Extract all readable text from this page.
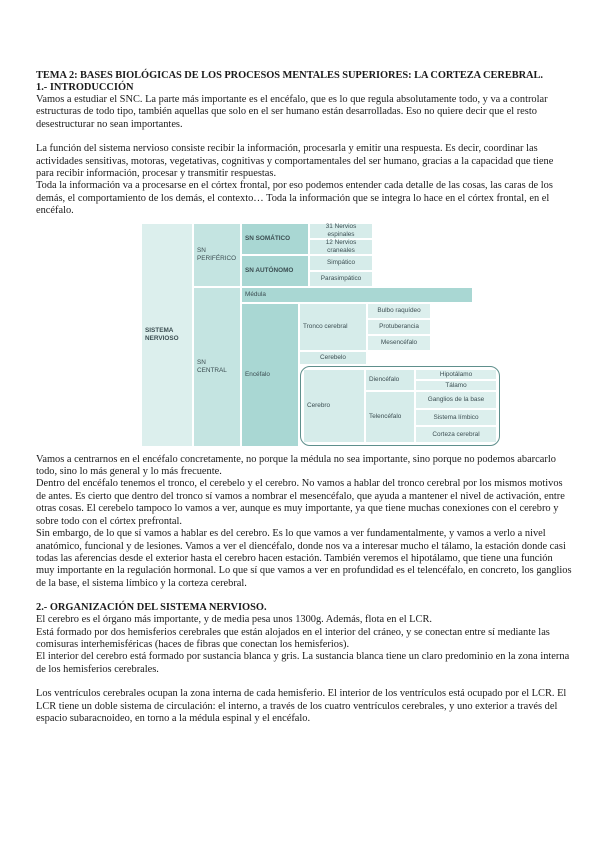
TEMA 2: BASES BIOLÓGICAS DE LOS PROCESOS MENTALES SUPERIORES: LA CORTEZA CEREBRAL.

1.- INTRODUCCIÓN

Vamos a estudiar el SNC. La parte más importante es el encéfalo, que es lo que regula absolutamente todo, y va a controlar estructuras de todo tipo, también aquellas que solo en el ser humano están desarrolladas. Eso no quiere decir que el resto desestructurar no sean importantes.

La función del sistema nervioso consiste recibir la información, procesarla y emitir una respuesta. Es decir, coordinar las actividades sensitivas, motoras, vegetativas, cognitivas y comportamentales del ser humano, gracias a la capacidad que tiene para recibir información, procesar y transmitir respuestas.

Toda la información va a procesarse en el córtex frontal, por eso podemos entender cada detalle de las cosas, las caras de los demás, el comportamiento de los demás, el contexto… Toda la información que se integra lo hace en el córtex frontal, en el encéfalo.

SISTEMA NERVIOSO
SN PERIFÉRICO
SN CENTRAL
SN SOMÁTICO
SN AUTÓNOMO
31 Nervios espinales
12 Nervios craneales
Simpático
Parasimpático
Médula
Encéfalo
Tronco cerebral
Bulbo raquídeo
Protuberancia
Mesencéfalo
Cerebelo
Cerebro
Diencéfalo
Hipotálamo
Tálamo
Telencéfalo
Ganglios de la base
Sistema límbico
Corteza cerebral

Vamos a centrarnos en el encéfalo concretamente, no porque la médula no sea importante, sino porque no podemos abarcarlo todo, sino lo más general y lo más frecuente.

Dentro del encéfalo tenemos el tronco, el cerebelo y el cerebro. No vamos a hablar del tronco cerebral por los mismos motivos de antes. Es cierto que dentro del tronco sí vamos a nombrar el mesencéfalo, que ayuda a mantener el nivel de activación, entre otras cosas. El cerebelo tampoco lo vamos a ver, aunque es muy importante, ya que tiene muchas conexiones con el cerebro y sobre todo con el córtex prefrontal.

Sin embargo, de lo que sí vamos a hablar es del cerebro. Es lo que vamos a ver fundamentalmente, y vamos a verlo a nivel anatómico, funcional y de lesiones. Vamos a ver el diencéfalo, donde nos va a interesar mucho el tálamo, la estación donde casi todas las aferencias desde el exterior hasta el cerebro hacen estación. También veremos el hipotálamo, que tiene una función muy importante en la regulación hormonal. Lo que sí que vamos a ver en profundidad es el telencéfalo, en concreto, los ganglios de la base, el sistema límbico y la corteza cerebral.

2.- ORGANIZACIÓN DEL SISTEMA NERVIOSO.

El cerebro es el órgano más importante, y de media pesa unos 1300g. Además, flota en el LCR.

Está formado por dos hemisferios cerebrales que están alojados en el interior del cráneo, y se conectan entre sí mediante las comisuras interhemisféricas (haces de fibras que conectan los hemisferios).

El interior del cerebro está formado por sustancia blanca y gris. La sustancia blanca tiene un claro predominio en la zona interna de los hemisferios cerebrales.

Los ventrículos cerebrales ocupan la zona interna de cada hemisferio. El interior de los ventrículos está ocupado por el LCR. El LCR tiene un doble sistema de circulación: el interno, a través de los cuatro ventrículos cerebrales, y uno exterior a través del espacio subaracnoideo, en torno a la médula espinal y el encéfalo.
